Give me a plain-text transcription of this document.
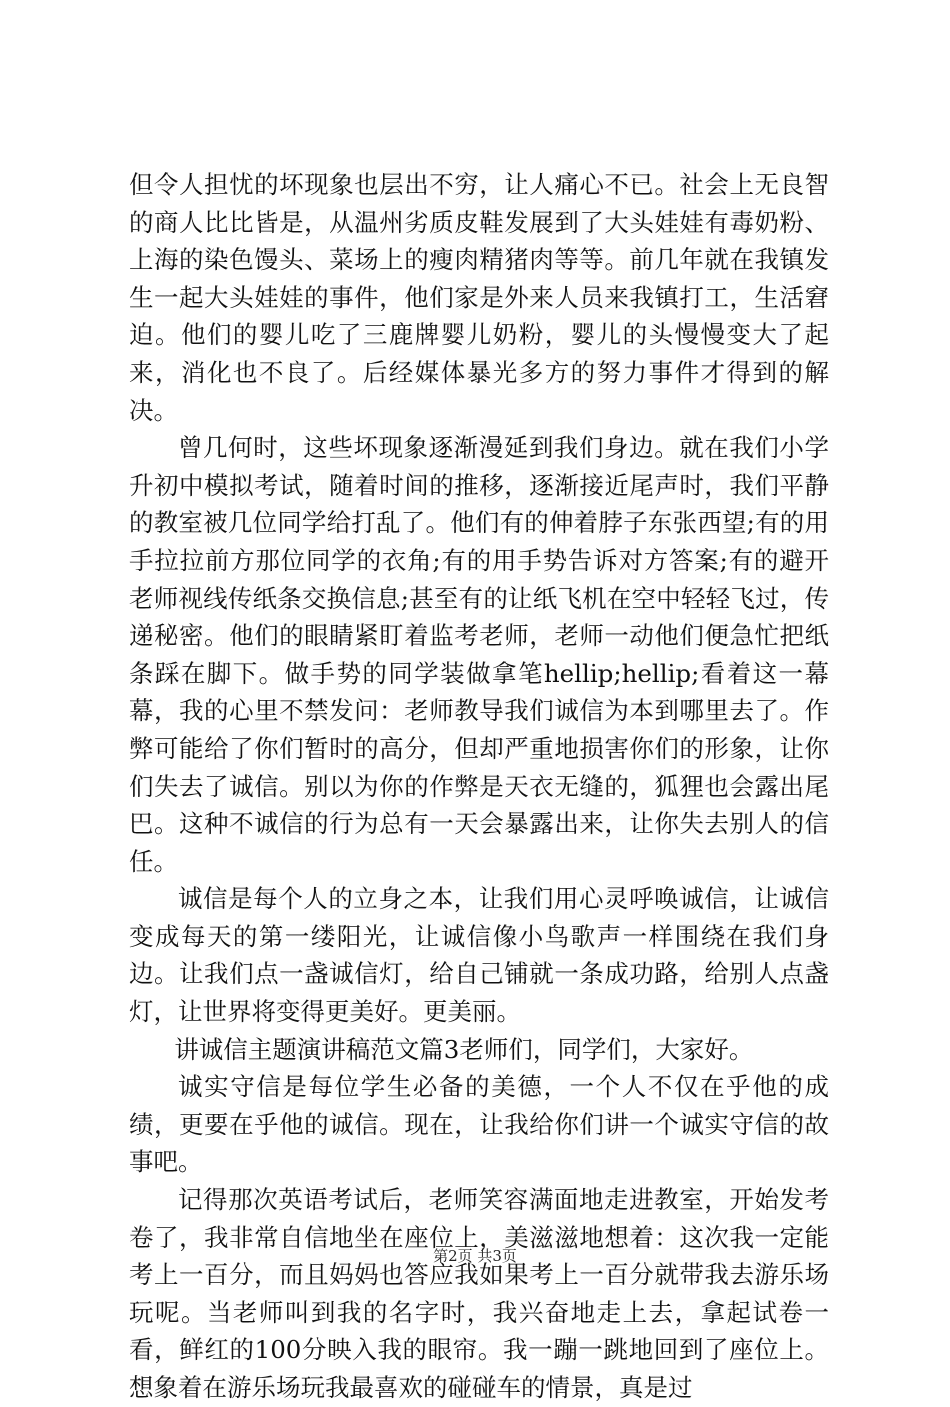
但令人担忧的坏现象也层出不穷，让人痛心不已。社会上无良智的商人比比皆是，从温州劣质皮鞋发展到了大头娃娃有毒奶粉、上海的染色馒头、菜场上的瘦肉精猪肉等等。前几年就在我镇发生一起大头娃娃的事件，他们家是外来人员来我镇打工，生活窘迫。他们的婴儿吃了三鹿牌婴儿奶粉，婴儿的头慢慢变大了起来，消化也不良了。后经媒体暴光多方的努力事件才得到的解决。

曾几何时，这些坏现象逐渐漫延到我们身边。就在我们小学升初中模拟考试，随着时间的推移，逐渐接近尾声时，我们平静的教室被几位同学给打乱了。他们有的伸着脖子东张西望;有的用手拉拉前方那位同学的衣角;有的用手势告诉对方答案;有的避开老师视线传纸条交换信息;甚至有的让纸飞机在空中轻轻飞过，传递秘密。他们的眼睛紧盯着监考老师，老师一动他们便急忙把纸条踩在脚下。做手势的同学装做拿笔hellip;hellip;看着这一幕幕，我的心里不禁发问：老师教导我们诚信为本到哪里去了。作弊可能给了你们暂时的高分，但却严重地损害你们的形象，让你们失去了诚信。别以为你的作弊是天衣无缝的，狐狸也会露出尾巴。这种不诚信的行为总有一天会暴露出来，让你失去别人的信任。

诚信是每个人的立身之本，让我们用心灵呼唤诚信，让诚信变成每天的第一缕阳光，让诚信像小鸟歌声一样围绕在我们身边。让我们点一盏诚信灯，给自己铺就一条成功路，给别人点盏灯，让世界将变得更美好。更美丽。

讲诚信主题演讲稿范文篇3老师们，同学们，大家好。

诚实守信是每位学生必备的美德，一个人不仅在乎他的成绩，更要在乎他的诚信。现在，让我给你们讲一个诚实守信的故事吧。

记得那次英语考试后，老师笑容满面地走进教室，开始发考卷了，我非常自信地坐在座位上，美滋滋地想着：这次我一定能考上一百分，而且妈妈也答应我如果考上一百分就带我去游乐场玩呢。当老师叫到我的名字时，我兴奋地走上去，拿起试卷一看，鲜红的100分映入我的眼帘。我一蹦一跳地回到了座位上。想象着在游乐场玩我最喜欢的碰碰车的情景，真是过

第2页 共3页
